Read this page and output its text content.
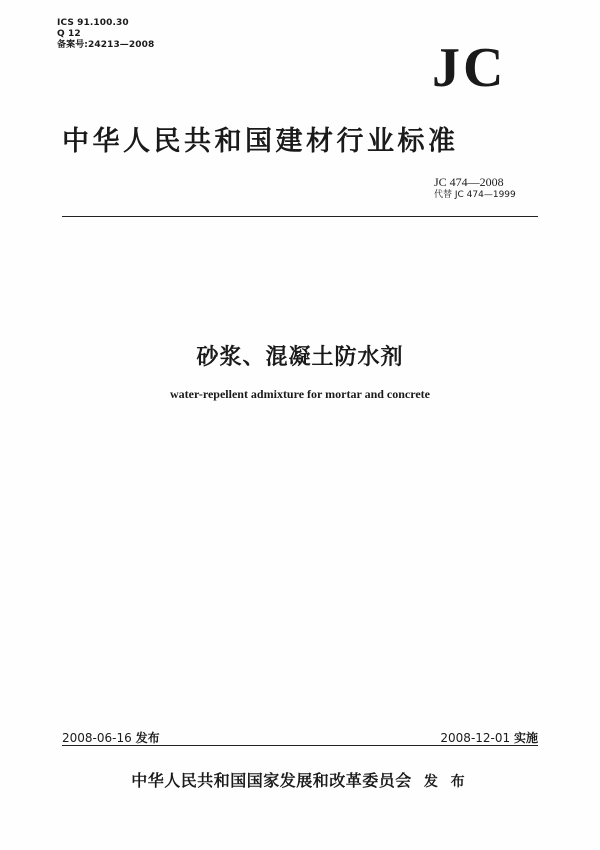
ICS 91.100.30
Q 12
备案号:24213—2008	JC
中华人民共和国建材行业标准
JC 474—2008
代替 JC 474—1999
砂浆、混凝土防水剂
water-repellent admixture for mortar and concrete
2008-06-16 发布	2008-12-01 实施
中华人民共和国国家发展和改革委员会 发 布
